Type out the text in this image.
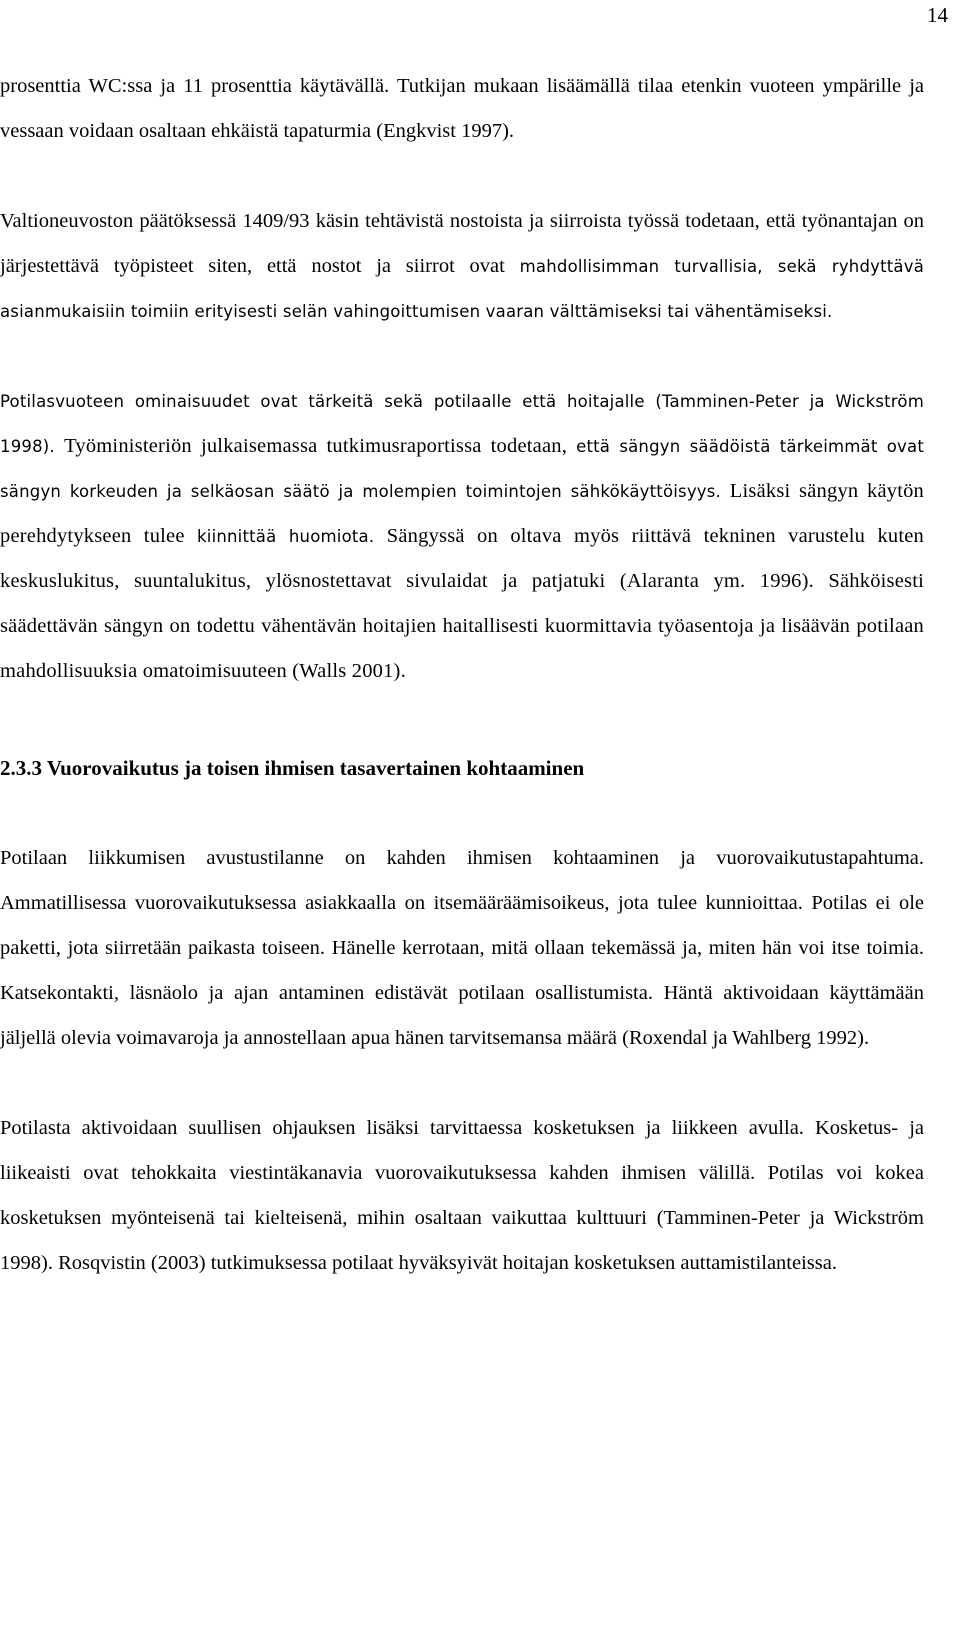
14

prosenttia WC:ssa ja 11 prosenttia käytävällä. Tutkijan mukaan lisäämällä tilaa etenkin vuoteen ympärille ja vessaan voidaan osaltaan ehkäistä tapaturmia (Engkvist 1997).

Valtioneuvoston päätöksessä 1409/93 käsin tehtävistä nostoista ja siirroista työssä todetaan, että työnantajan on järjestettävä työpisteet siten, että nostot ja siirrot ovat mahdollisimman turvallisia, sekä ryhdyttävä asianmukaisiin toimiin erityisesti selän vahingoittumisen vaaran välttämiseksi tai vähentämiseksi.

Potilasvuoteen ominaisuudet ovat tärkeitä sekä potilaalle että hoitajalle (Tamminen-Peter ja Wickström 1998). Työministeriön julkaisemassa tutkimusraportissa todetaan, että sängyn säädöistä tärkeimmät ovat sängyn korkeuden ja selkäosan säätö ja molempien toimintojen sähkökäyttöisyys. Lisäksi sängyn käytön perehdytykseen tulee kiinnittää huomiota. Sängyssä on oltava myös riittävä tekninen varustelu kuten keskuslukitus, suuntalukitus, ylösnostettavat sivulaidat ja patjatuki (Alaranta ym. 1996). Sähköisesti säädettävän sängyn on todettu vähentävän hoitajien haitallisesti kuormittavia työasentoja ja lisäävän potilaan mahdollisuuksia omatoimisuuteen (Walls 2001).

2.3.3 Vuorovaikutus ja toisen ihmisen tasavertainen kohtaaminen

Potilaan liikkumisen avustustilanne on kahden ihmisen kohtaaminen ja vuorovaikutustapahtuma. Ammatillisessa vuorovaikutuksessa asiakkaalla on itsemääräämisoikeus, jota tulee kunnioittaa. Potilas ei ole paketti, jota siirretään paikasta toiseen. Hänelle kerrotaan, mitä ollaan tekemässä ja, miten hän voi itse toimia. Katsekontakti, läsnäolo ja ajan antaminen edistävät potilaan osallistumista. Häntä aktivoidaan käyttämään jäljellä olevia voimavaroja ja annostellaan apua hänen tarvitsemansa määrä (Roxendal ja Wahlberg 1992).

Potilasta aktivoidaan suullisen ohjauksen lisäksi tarvittaessa kosketuksen ja liikkeen avulla. Kosketus- ja liikeaisti ovat tehokkaita viestintäkanavia vuorovaikutuksessa kahden ihmisen välillä. Potilas voi kokea kosketuksen myönteisenä tai kielteisenä, mihin osaltaan vaikuttaa kulttuuri (Tamminen-Peter ja Wickström 1998). Rosqvistin (2003) tutkimuksessa potilaat hyväksyivät hoitajan kosketuksen auttamistilanteissa.
